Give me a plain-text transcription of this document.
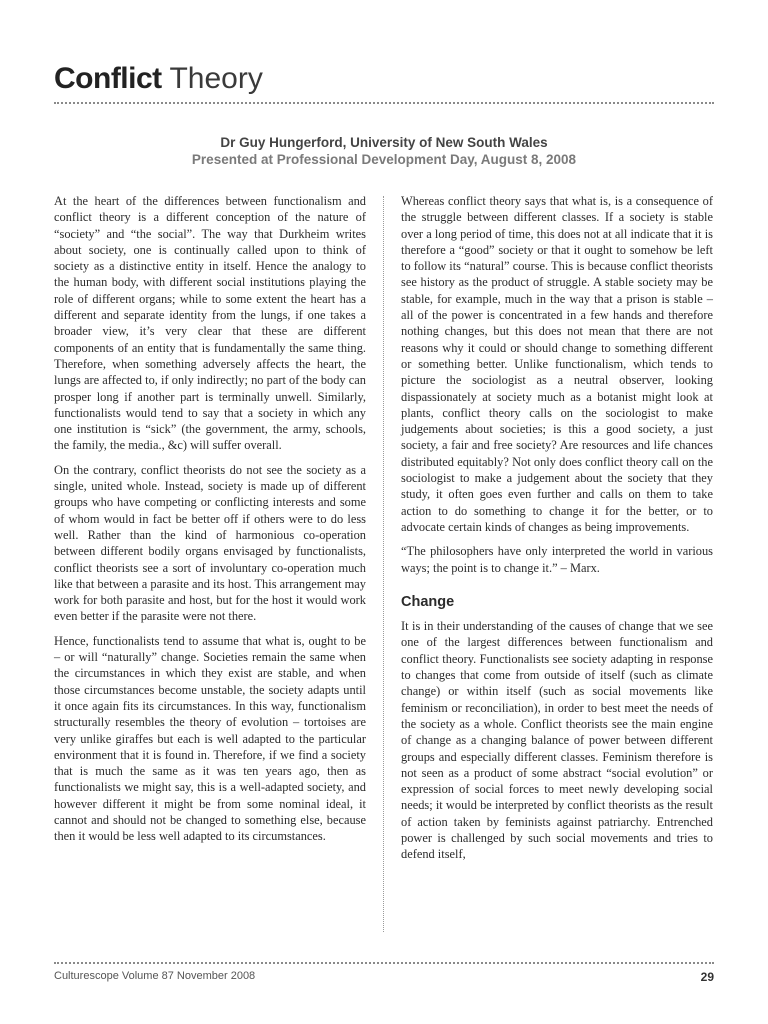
Conflict Theory
Dr Guy Hungerford, University of New South Wales
Presented at Professional Development Day, August 8, 2008

At the heart of the differences between functionalism and conflict theory is a different conception of the nature of “society” and “the social”. The way that Durkheim writes about society, one is continually called upon to think of society as a distinctive entity in itself. Hence the analogy to the human body, with different social institutions playing the role of different organs; while to some extent the heart has a different and separate identity from the lungs, if one takes a broader view, it’s very clear that these are different components of an entity that is fundamentally the same thing. Therefore, when something adversely affects the heart, the lungs are affected to, if only indirectly; no part of the body can prosper long if another part is terminally unwell. Similarly, functionalists would tend to say that a society in which any one institution is “sick” (the government, the army, schools, the family, the media., &c) will suffer overall.

On the contrary, conflict theorists do not see the society as a single, united whole. Instead, society is made up of different groups who have competing or conflicting interests and some of whom would in fact be better off if others were to do less well. Rather than the kind of harmonious co-operation between different bodily organs envisaged by functionalists, conflict theorists see a sort of involuntary co-operation much like that between a parasite and its host. This arrangement may work for both parasite and host, but for the host it would work even better if the parasite were not there.

Hence, functionalists tend to assume that what is, ought to be – or will “naturally” change. Societies remain the same when the circumstances in which they exist are stable, and when those circumstances become unstable, the society adapts until it once again fits its circumstances. In this way, functionalism structurally resembles the theory of evolution – tortoises are very unlike giraffes but each is well adapted to the particular environment that it is found in. Therefore, if we find a society that is much the same as it was ten years ago, then as functionalists we might say, this is a well-adapted society, and however different it might be from some nominal ideal, it cannot and should not be changed to something else, because then it would be less well adapted to its circumstances.

Whereas conflict theory says that what is, is a consequence of the struggle between different classes. If a society is stable over a long period of time, this does not at all indicate that it is therefore a “good” society or that it ought to somehow be left to follow its “natural” course. This is because conflict theorists see history as the product of struggle. A stable society may be stable, for example, much in the way that a prison is stable – all of the power is concentrated in a few hands and therefore nothing changes, but this does not mean that there are not reasons why it could or should change to something different or something better. Unlike functionalism, which tends to picture the sociologist as a neutral observer, looking dispassionately at society much as a botanist might look at plants, conflict theory calls on the sociologist to make judgements about societies; is this a good society, a just society, a fair and free society? Are resources and life chances distributed equitably? Not only does conflict theory call on the sociologist to make a judgement about the society that they study, it often goes even further and calls on them to take action to do something to change it for the better, or to advocate certain kinds of changes as being improvements.

“The philosophers have only interpreted the world in various ways; the point is to change it.” – Marx.

Change

It is in their understanding of the causes of change that we see one of the largest differences between functionalism and conflict theory. Functionalists see society adapting in response to changes that come from outside of itself (such as climate change) or within itself (such as social movements like feminism or reconciliation), in order to best meet the needs of the society as a whole. Conflict theorists see the main engine of change as a changing balance of power between different groups and especially different classes. Feminism therefore is not seen as a product of some abstract “social evolution” or expression of social forces to meet newly developing social needs; it would be interpreted by conflict theorists as the result of action taken by feminists against patriarchy. Entrenched power is challenged by such social movements and tries to defend itself,

Culturescope Volume 87 November 2008	29
